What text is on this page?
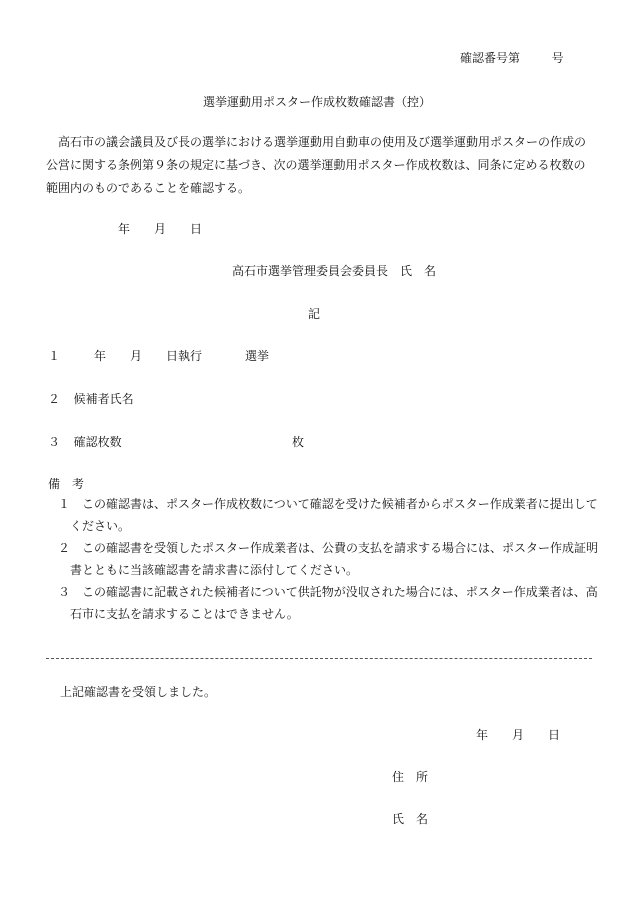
確認番号第	号
選挙運動用ポスター作成枚数確認書（控）
高石市の議会議員及び長の選挙における選挙運動用自動車の使用及び選挙運動用ポスターの作成の公営に関する条例第９条の規定に基づき、次の選挙運動用ポスター作成枚数は、同条に定める枚数の範囲内のものであることを確認する。
年 月 日
高石市選挙管理委員会委員長　氏　名
記
１	年 月 日執行	選挙
２ 候補者氏名
３ 確認枚数	枚
備　考
１ この確認書は、ポスター作成枚数について確認を受けた候補者からポスター作成業者に提出してください。
２ この確認書を受領したポスター作成業者は、公費の支払を請求する場合には、ポスター作成証明書とともに当該確認書を請求書に添付してください。
３ この確認書に記載された候補者について供託物が没収された場合には、ポスター作成業者は、高石市に支払を請求することはできません。
上記確認書を受領しました。
年 月 日
住　所
氏　名
